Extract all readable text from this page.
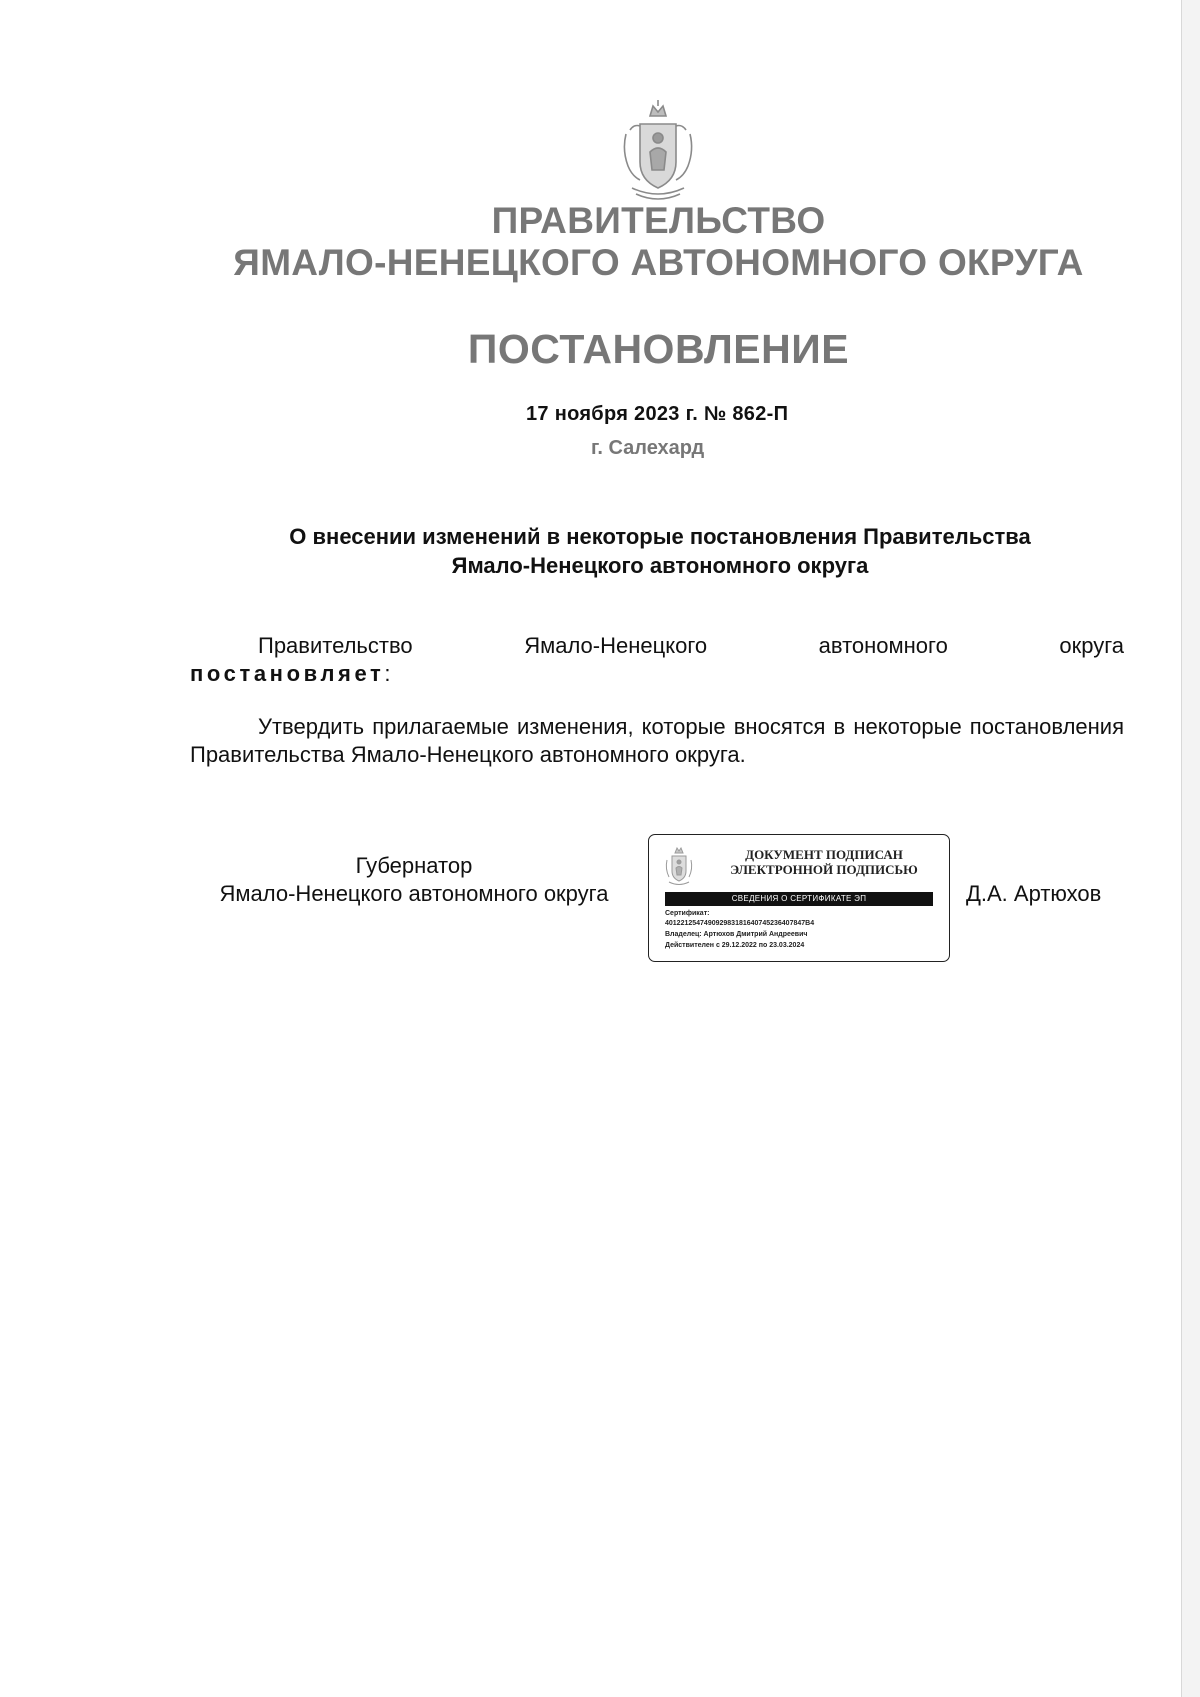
ПРАВИТЕЛЬСТВО
ЯМАЛО-НЕНЕЦКОГО АВТОНОМНОГО ОКРУГА
ПОСТАНОВЛЕНИЕ
17 ноября 2023 г. № 862-П
г. Салехард
О внесении изменений в некоторые постановления Правительства
Ямало-Ненецкого автономного округа
Правительство	Ямало-Ненецкого	автономного	округа
постановляет:
Утвердить прилагаемые изменения, которые вносятся в некоторые постановления Правительства Ямало-Ненецкого автономного округа.
Губернатор
Ямало-Ненецкого автономного округа
ДОКУМЕНТ ПОДПИСАН
ЭЛЕКТРОННОЙ ПОДПИСЬЮ
СВЕДЕНИЯ О СЕРТИФИКАТЕ ЭП
Сертификат:
401221254749092983181640745236407847B4
Владелец: Артюхов Дмитрий Андреевич
Действителен с 29.12.2022 по 23.03.2024
Д.А. Артюхов
